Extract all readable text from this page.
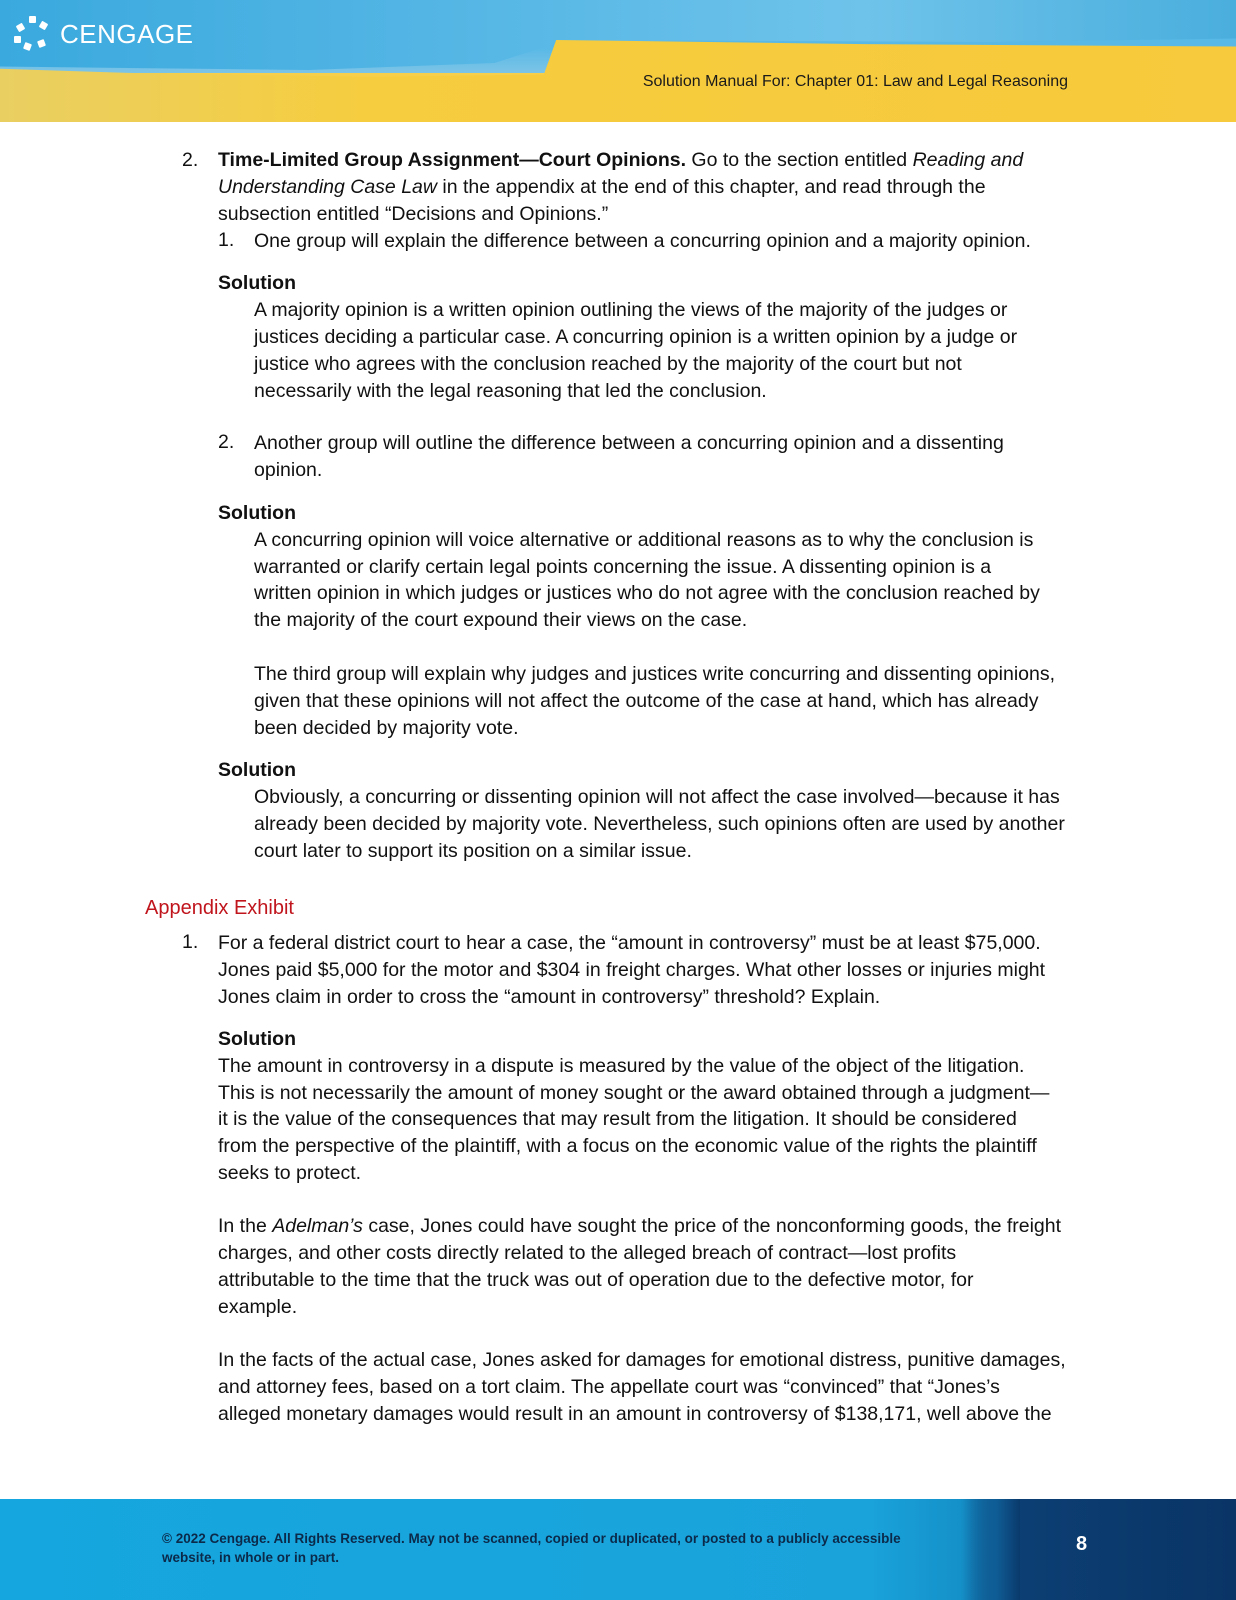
CENGAGE
Solution Manual For: Chapter 01: Law and Legal Reasoning
2. Time-Limited Group Assignment—Court Opinions. Go to the section entitled Reading and
Understanding Case Law in the appendix at the end of this chapter, and read through the
subsection entitled “Decisions and Opinions.”
1. One group will explain the difference between a concurring opinion and a majority opinion.
Solution
A majority opinion is a written opinion outlining the views of the majority of the judges or
justices deciding a particular case. A concurring opinion is a written opinion by a judge or
justice who agrees with the conclusion reached by the majority of the court but not
necessarily with the legal reasoning that led the conclusion.
2. Another group will outline the difference between a concurring opinion and a dissenting
opinion.
Solution
A concurring opinion will voice alternative or additional reasons as to why the conclusion is
warranted or clarify certain legal points concerning the issue. A dissenting opinion is a
written opinion in which judges or justices who do not agree with the conclusion reached by
the majority of the court expound their views on the case.
The third group will explain why judges and justices write concurring and dissenting opinions,
given that these opinions will not affect the outcome of the case at hand, which has already
been decided by majority vote.
Solution
Obviously, a concurring or dissenting opinion will not affect the case involved—because it has
already been decided by majority vote. Nevertheless, such opinions often are used by another
court later to support its position on a similar issue.
Appendix Exhibit
1. For a federal district court to hear a case, the “amount in controversy” must be at least $75,000.
Jones paid $5,000 for the motor and $304 in freight charges. What other losses or injuries might
Jones claim in order to cross the “amount in controversy” threshold? Explain.
Solution
The amount in controversy in a dispute is measured by the value of the object of the litigation.
This is not necessarily the amount of money sought or the award obtained through a judgment—
it is the value of the consequences that may result from the litigation. It should be considered
from the perspective of the plaintiff, with a focus on the economic value of the rights the plaintiff
seeks to protect.
In the Adelman’s case, Jones could have sought the price of the nonconforming goods, the freight
charges, and other costs directly related to the alleged breach of contract—lost profits
attributable to the time that the truck was out of operation due to the defective motor, for
example.
In the facts of the actual case, Jones asked for damages for emotional distress, punitive damages,
and attorney fees, based on a tort claim. The appellate court was “convinced” that “Jones’s
alleged monetary damages would result in an amount in controversy of $138,171, well above the
© 2022 Cengage. All Rights Reserved. May not be scanned, copied or duplicated, or posted to a publicly accessible website, in whole or in part.
8
